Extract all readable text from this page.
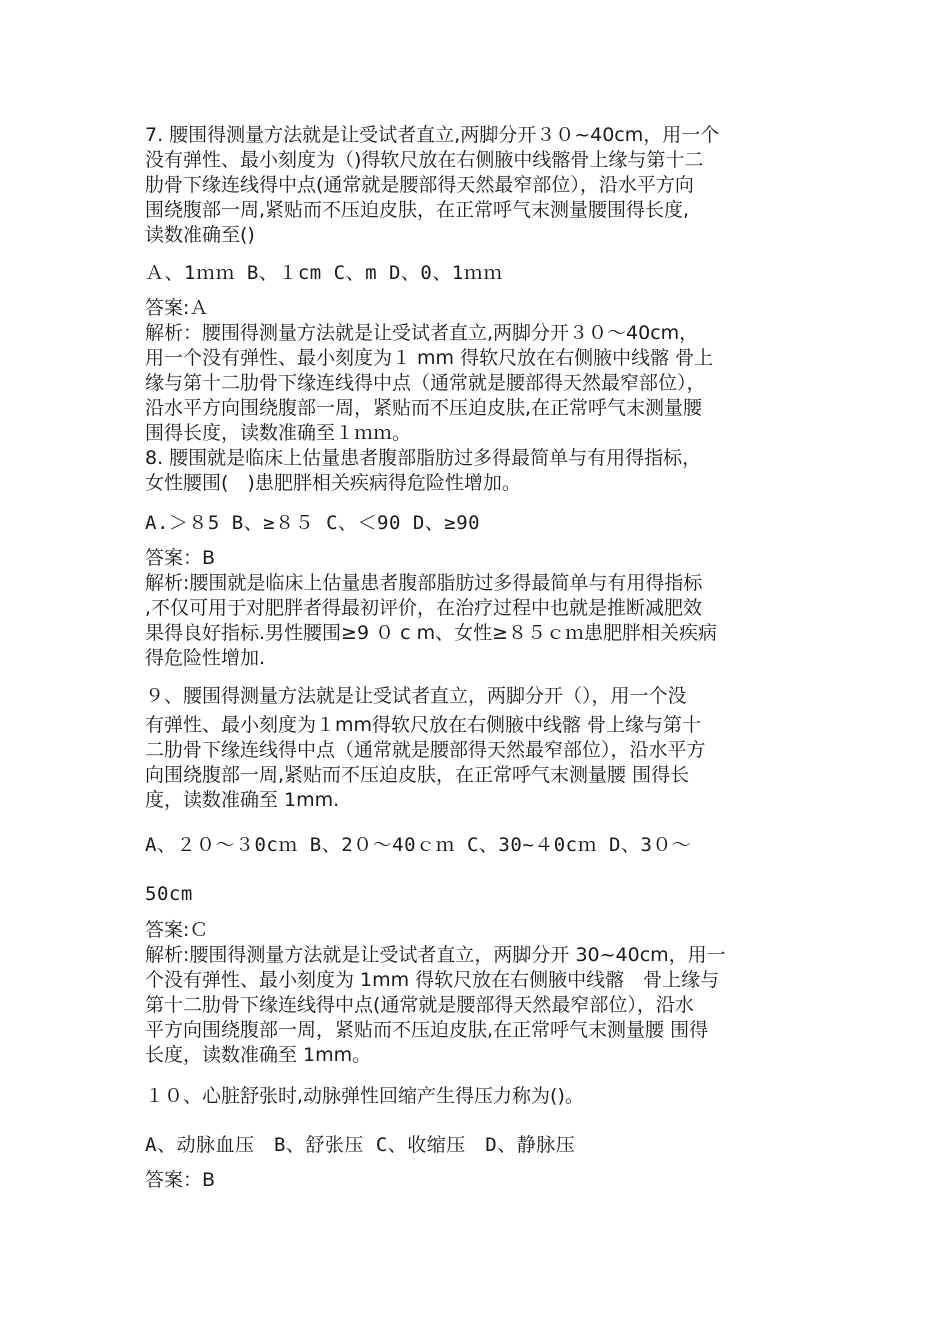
7. 腰围得测量方法就是让受试者直立,两脚分开３０~40cm，用一个
没有弹性、最小刻度为（)得软尺放在右侧腋中线髂骨上缘与第十二
肋骨下缘连线得中点(通常就是腰部得天然最窄部位），沿水平方向
围绕腹部一周,紧贴而不压迫皮肤，在正常呼气末测量腰围得长度,
读数准确至()
Ａ、1ｍｍ B、１cm C、m D、0、1ｍｍ
答案:Ａ
解析：腰围得测量方法就是让受试者直立,两脚分开３０～40cm，
用一个没有弹性、最小刻度为１ mm 得软尺放在右侧腋中线髂 骨上
缘与第十二肋骨下缘连线得中点（通常就是腰部得天然最窄部位），
沿水平方向围绕腹部一周，紧贴而不压迫皮肤,在正常呼气末测量腰
围得长度，读数准确至１ｍｍ。
8. 腰围就是临床上估量患者腹部脂肪过多得最简单与有用得指标，
女性腰围(　)患肥胖相关疾病得危险性增加。
A.＞８5 B、≥８５ C、＜90 D、≥90
答案：B
解析:腰围就是临床上估量患者腹部脂肪过多得最简单与有用得指标
,不仅可用于对肥胖者得最初评价，在治疗过程中也就是推断减肥效
果得良好指标.男性腰围≥9 ０ c m、女性≥８５ｃｍ患肥胖相关疾病
得危险性增加.
９、腰围得测量方法就是让受试者直立，两脚分开（），用一个没
有弹性、最小刻度为１mm得软尺放在右侧腋中线髂 骨上缘与第十
二肋骨下缘连线得中点（通常就是腰部得天然最窄部位），沿水平方
向围绕腹部一周,紧贴而不压迫皮肤，在正常呼气末测量腰 围得长
度，读数准确至 1mm.
A、２０～３0cｍ B、2０～40ｃｍ C、30~４0cｍ D、3０～
50cm
答案:Ｃ
解析:腰围得测量方法就是让受试者直立，两脚分开 30~40cm，用一
个没有弹性、最小刻度为 1mm 得软尺放在右侧腋中线髂　骨上缘与
第十二肋骨下缘连线得中点(通常就是腰部得天然最窄部位），沿水
平方向围绕腹部一周，紧贴而不压迫皮肤,在正常呼气末测量腰 围得
长度，读数准确至 1mm。
１０、心脏舒张时,动脉弹性回缩产生得压力称为()。
A、动脉血压　B、舒张压 C、收缩压　D、静脉压
答案：B
